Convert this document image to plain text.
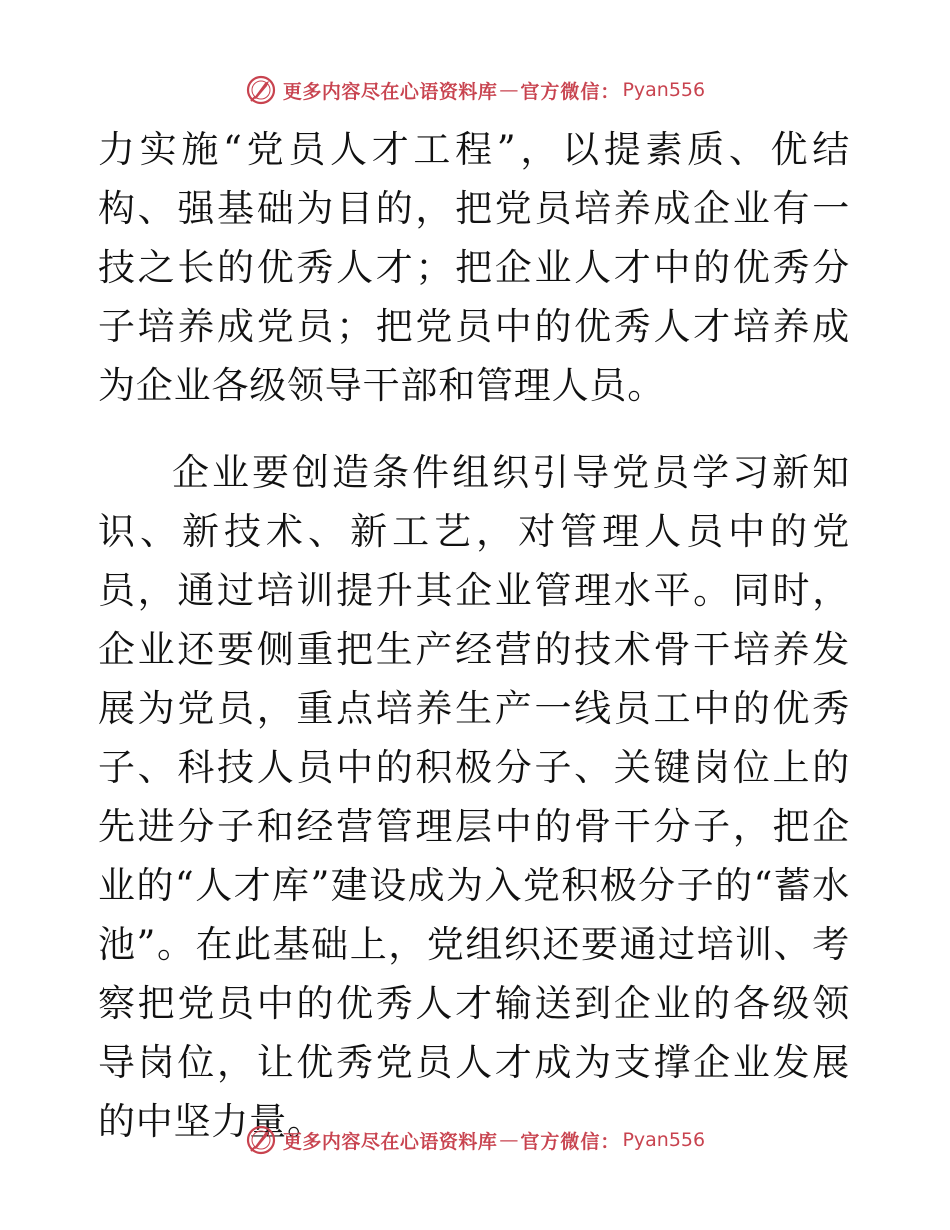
更多内容尽在心语资料库 — 官方微信： Pyan556

力实施“党员人才工程”，以提素质、优结构、强基础为目的，把党员培养成企业有一技之长的优秀人才；把企业人才中的优秀分子培养成党员；把党员中的优秀人才培养成为企业各级领导干部和管理人员。

企业要创造条件组织引导党员学习新知识、新技术、新工艺，对管理人员中的党员，通过培训提升其企业管理水平。同时，企业还要侧重把生产经营的技术骨干培养发展为党员，重点培养生产一线员工中的优秀子、科技人员中的积极分子、关键岗位上的先进分子和经营管理层中的骨干分子，把企业的“人才库”建设成为入党积极分子的“蓄水池”。在此基础上，党组织还要通过培训、考察把党员中的优秀人才输送到企业的各级领导岗位，让优秀党员人才成为支撑企业发展的中坚力量。

更多内容尽在心语资料库 — 官方微信： Pyan556
